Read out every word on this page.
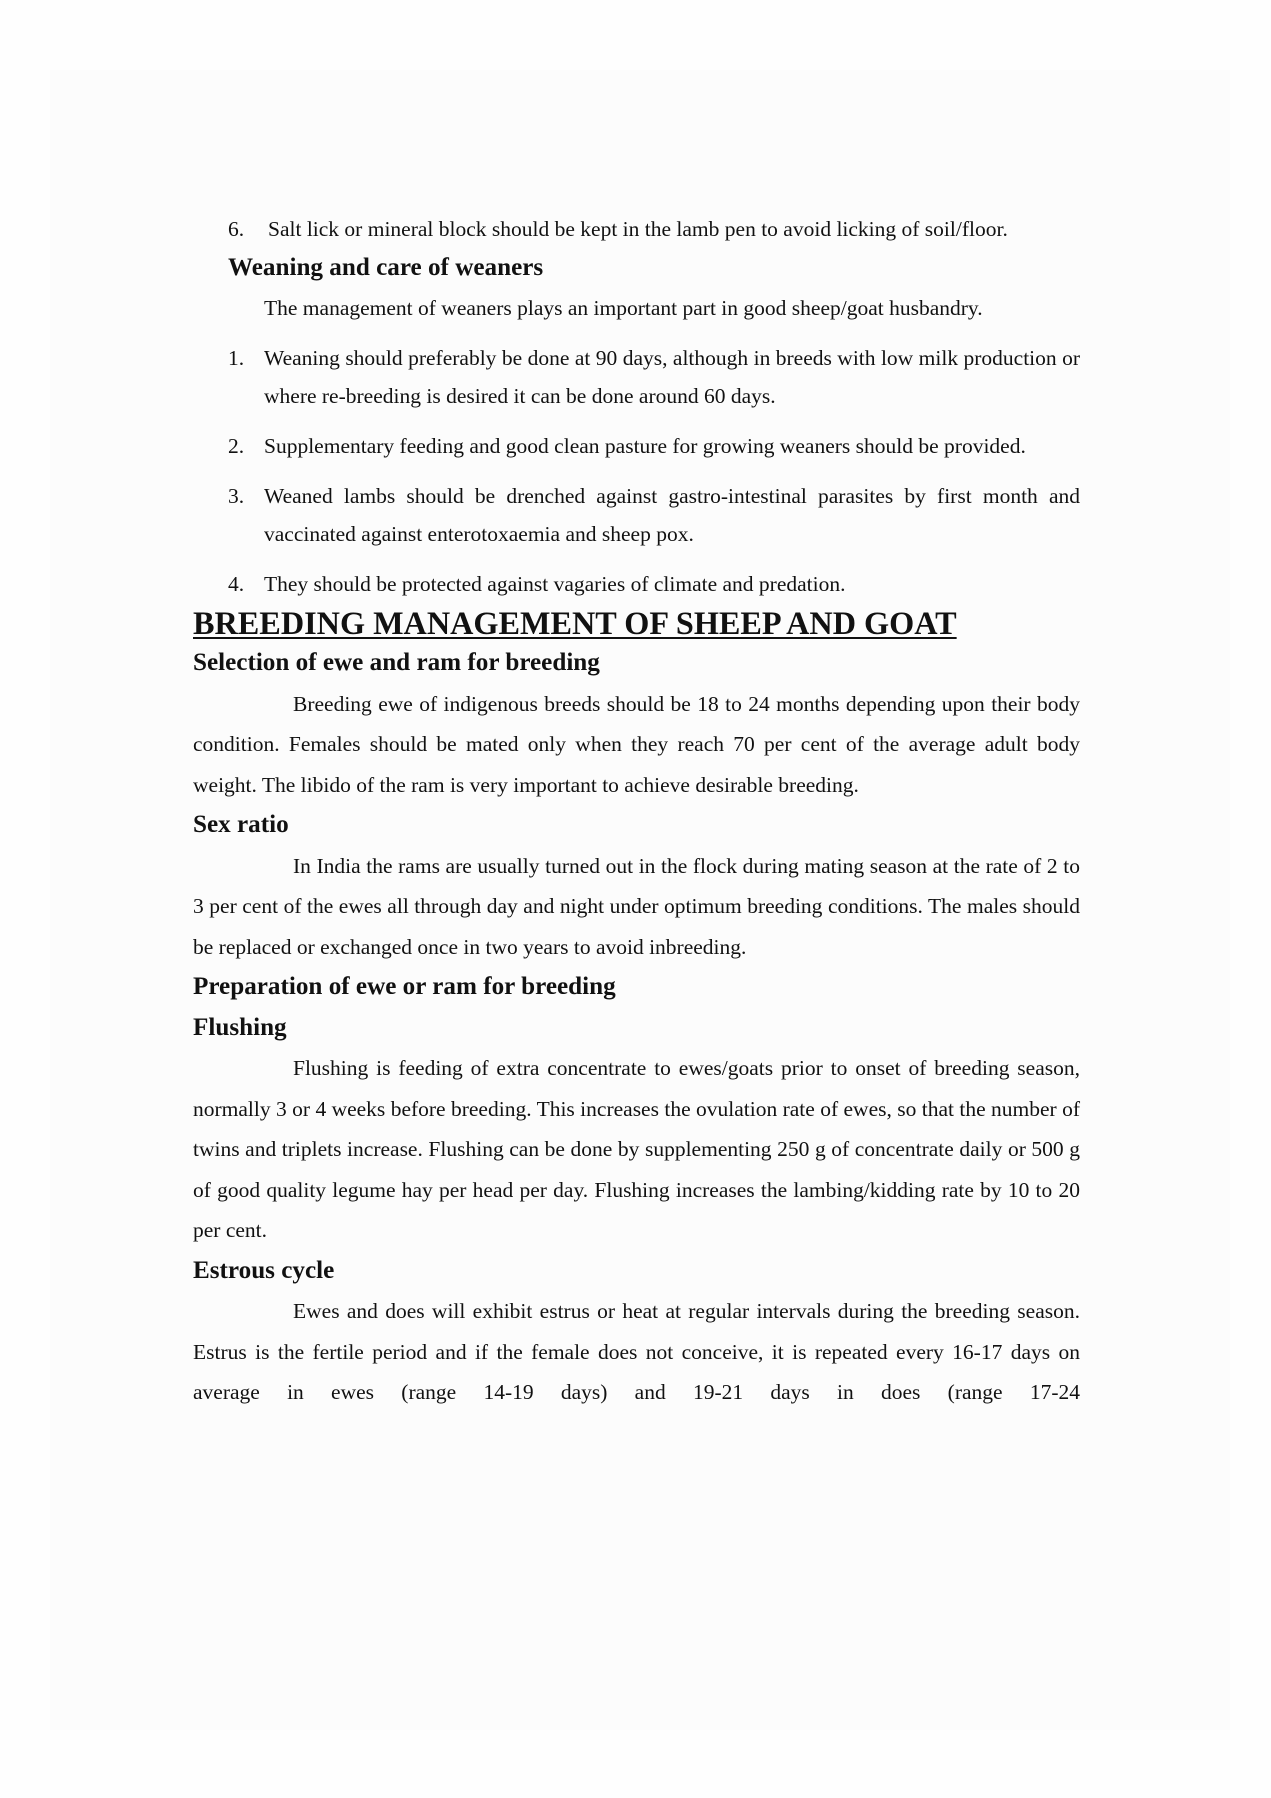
6. Salt lick or mineral block should be kept in the lamb pen to avoid licking of soil/floor.
Weaning and care of weaners

The management of weaners plays an important part in good sheep/goat husbandry.

1. Weaning should preferably be done at 90 days, although in breeds with low milk production or where re-breeding is desired it can be done around 60 days.
2. Supplementary feeding and good clean pasture for growing weaners should be provided.
3. Weaned lambs should be drenched against gastro-intestinal parasites by first month and vaccinated against enterotoxaemia and sheep pox.
4. They should be protected against vagaries of climate and predation.
BREEDING MANAGEMENT OF SHEEP AND GOAT
Selection of ewe and ram for breeding

Breeding ewe of indigenous breeds should be 18 to 24 months depending upon their body condition. Females should be mated only when they reach 70 per cent of the average adult body weight. The libido of the ram is very important to achieve desirable breeding.

Sex ratio

In India the rams are usually turned out in the flock during mating season at the rate of 2 to 3 per cent of the ewes all through day and night under optimum breeding conditions. The males should be replaced or exchanged once in two years to avoid inbreeding.

Preparation of ewe or ram for breeding
Flushing

Flushing is feeding of extra concentrate to ewes/goats prior to onset of breeding season, normally 3 or 4 weeks before breeding. This increases the ovulation rate of ewes, so that the number of twins and triplets increase. Flushing can be done by supplementing 250 g of concentrate daily or 500 g of good quality legume hay per head per day. Flushing increases the lambing/kidding rate by 10 to 20 per cent.

Estrous cycle

Ewes and does will exhibit estrus or heat at regular intervals during the breeding season. Estrus is the fertile period and if the female does not conceive, it is repeated every 16-17 days on average in ewes (range 14-19 days) and 19-21 days in does (range 17-24
